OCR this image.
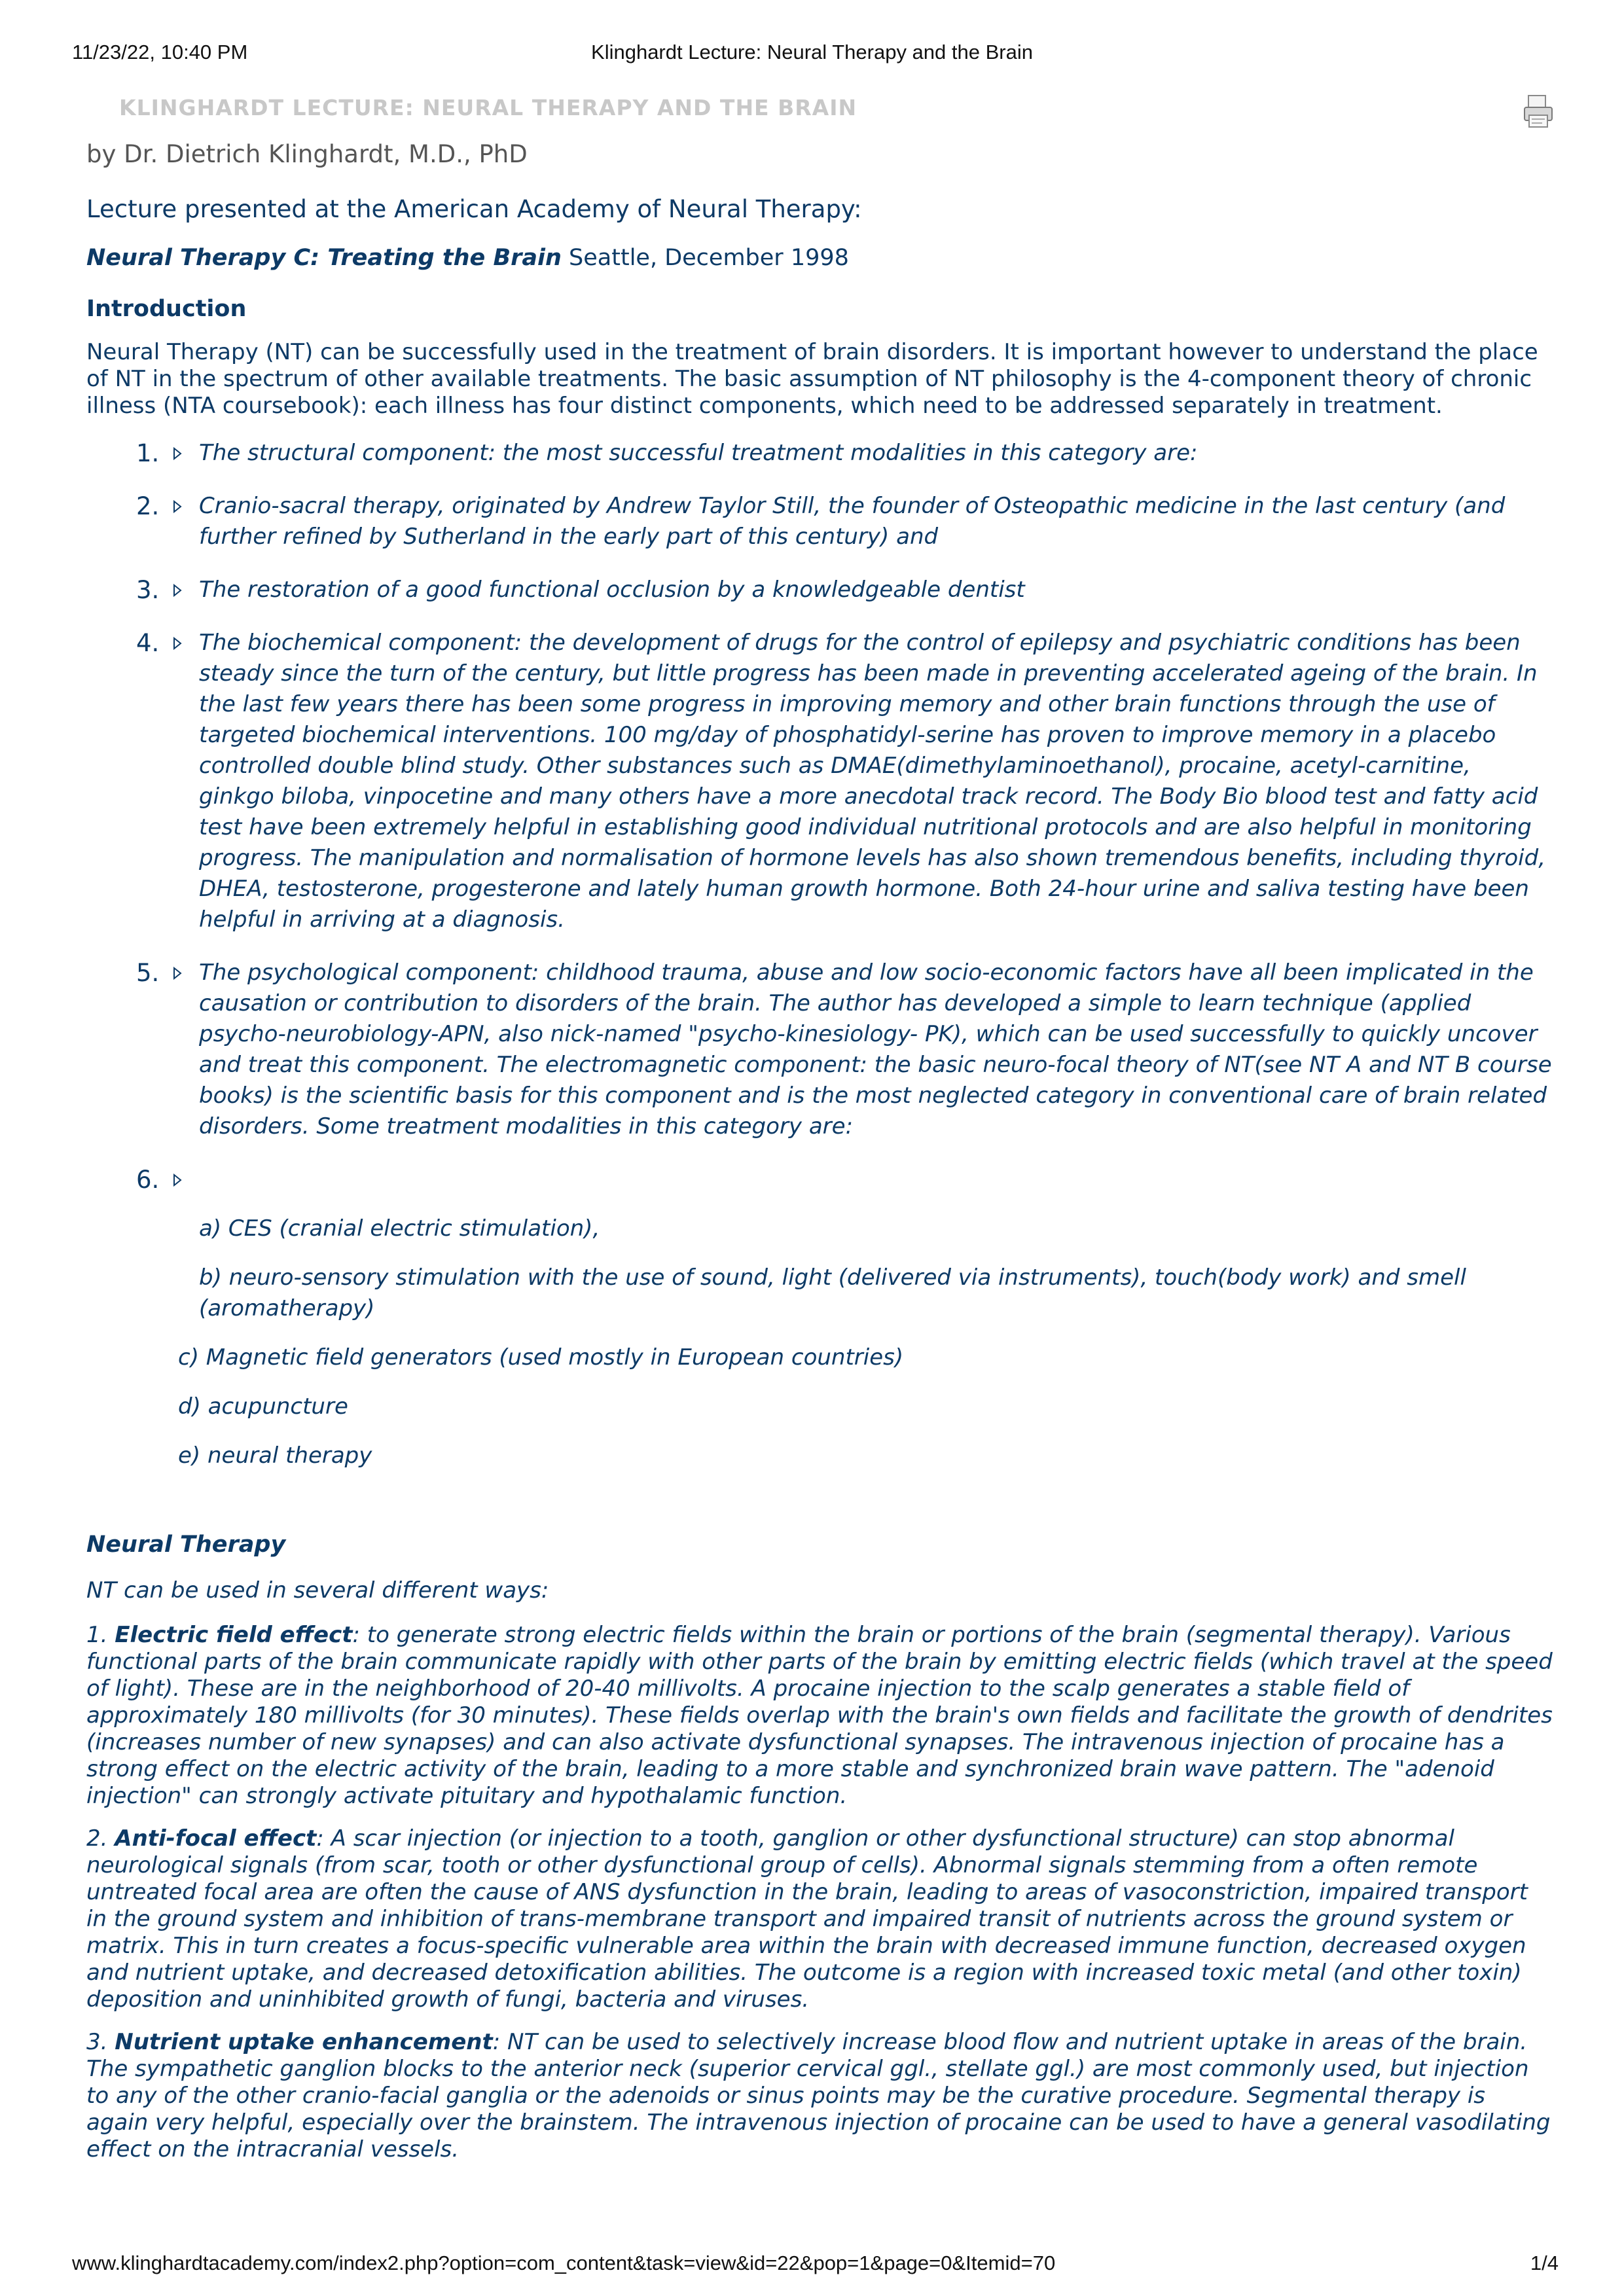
11/23/22, 10:40 PM	Klinghardt Lecture: Neural Therapy and the Brain
KLINGHARDT LECTURE: NEURAL THERAPY AND THE BRAIN
by Dr. Dietrich Klinghardt, M.D., PhD
Lecture presented at the American Academy of Neural Therapy:
Neural Therapy C: Treating the Brain Seattle, December 1998
Introduction
Neural Therapy (NT) can be successfully used in the treatment of brain disorders. It is important however to understand the place of NT in the spectrum of other available treatments. The basic assumption of NT philosophy is the 4-component theory of chronic illness (NTA coursebook): each illness has four distinct components, which need to be addressed separately in treatment.
1. The structural component: the most successful treatment modalities in this category are:
2. Cranio-sacral therapy, originated by Andrew Taylor Still, the founder of Osteopathic medicine in the last century (and further refined by Sutherland in the early part of this century) and
3. The restoration of a good functional occlusion by a knowledgeable dentist
4. The biochemical component: the development of drugs for the control of epilepsy and psychiatric conditions has been steady since the turn of the century, but little progress has been made in preventing accelerated ageing of the brain. In the last few years there has been some progress in improving memory and other brain functions through the use of targeted biochemical interventions. 100 mg/day of phosphatidyl-serine has proven to improve memory in a placebo controlled double blind study. Other substances such as DMAE(dimethylaminoethanol), procaine, acetyl-carnitine, ginkgo biloba, vinpocetine and many others have a more anecdotal track record. The Body Bio blood test and fatty acid test have been extremely helpful in establishing good individual nutritional protocols and are also helpful in monitoring progress. The manipulation and normalisation of hormone levels has also shown tremendous benefits, including thyroid, DHEA, testosterone, progesterone and lately human growth hormone. Both 24-hour urine and saliva testing have been helpful in arriving at a diagnosis.
5. The psychological component: childhood trauma, abuse and low socio-economic factors have all been implicated in the causation or contribution to disorders of the brain. The author has developed a simple to learn technique (applied psycho-neurobiology-APN, also nick-named "psycho-kinesiology- PK), which can be used successfully to quickly uncover and treat this component. The electromagnetic component: the basic neuro-focal theory of NT(see NT A and NT B course books) is the scientific basis for this component and is the most neglected category in conventional care of brain related disorders. Some treatment modalities in this category are:
6.
a) CES (cranial electric stimulation),
b) neuro-sensory stimulation with the use of sound, light (delivered via instruments), touch(body work) and smell (aromatherapy)
c) Magnetic field generators (used mostly in European countries)
d) acupuncture
e) neural therapy
Neural Therapy
NT can be used in several different ways:
1. Electric field effect: to generate strong electric fields within the brain or portions of the brain (segmental therapy). Various functional parts of the brain communicate rapidly with other parts of the brain by emitting electric fields (which travel at the speed of light). These are in the neighborhood of 20-40 millivolts. A procaine injection to the scalp generates a stable field of approximately 180 millivolts (for 30 minutes). These fields overlap with the brain's own fields and facilitate the growth of dendrites (increases number of new synapses) and can also activate dysfunctional synapses. The intravenous injection of procaine has a strong effect on the electric activity of the brain, leading to a more stable and synchronized brain wave pattern. The "adenoid injection" can strongly activate pituitary and hypothalamic function.
2. Anti-focal effect: A scar injection (or injection to a tooth, ganglion or other dysfunctional structure) can stop abnormal neurological signals (from scar, tooth or other dysfunctional group of cells). Abnormal signals stemming from a often remote untreated focal area are often the cause of ANS dysfunction in the brain, leading to areas of vasoconstriction, impaired transport in the ground system and inhibition of trans-membrane transport and impaired transit of nutrients across the ground system or matrix. This in turn creates a focus-specific vulnerable area within the brain with decreased immune function, decreased oxygen and nutrient uptake, and decreased detoxification abilities. The outcome is a region with increased toxic metal (and other toxin) deposition and uninhibited growth of fungi, bacteria and viruses.
3. Nutrient uptake enhancement: NT can be used to selectively increase blood flow and nutrient uptake in areas of the brain. The sympathetic ganglion blocks to the anterior neck (superior cervical ggl., stellate ggl.) are most commonly used, but injection to any of the other cranio-facial ganglia or the adenoids or sinus points may be the curative procedure. Segmental therapy is again very helpful, especially over the brainstem. The intravenous injection of procaine can be used to have a general vasodilating effect on the intracranial vessels.
www.klinghardtacademy.com/index2.php?option=com_content&task=view&id=22&pop=1&page=0&Itemid=70	1/4
